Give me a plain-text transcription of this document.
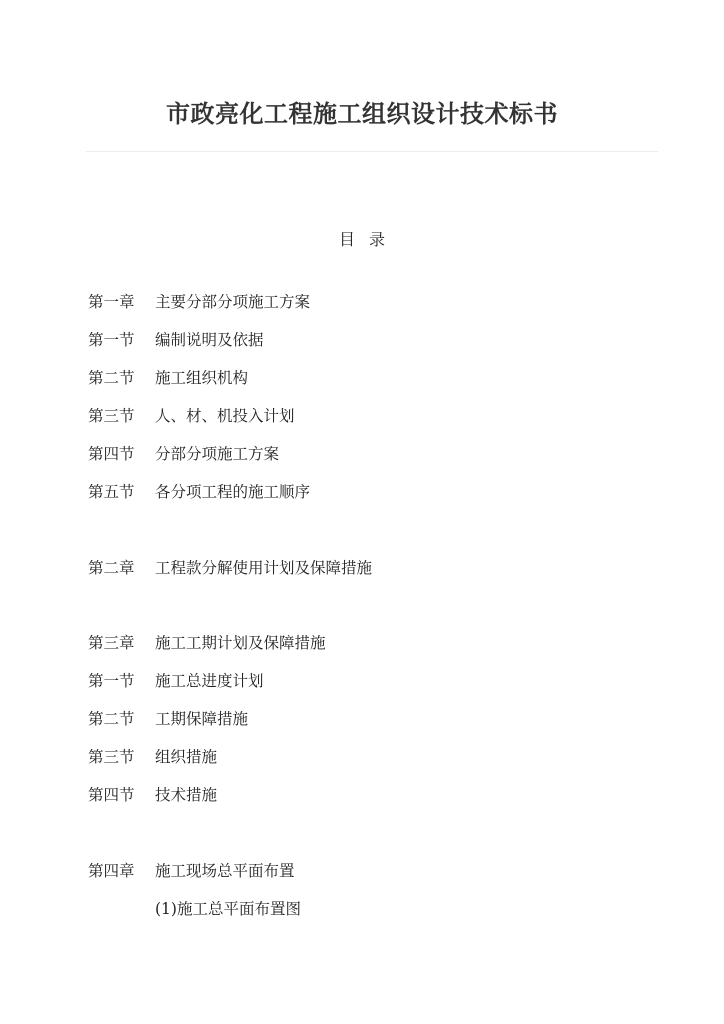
市政亮化工程施工组织设计技术标书
目录
第一章 主要分部分项施工方案
第一节 编制说明及依据
第二节 施工组织机构
第三节 人、材、机投入计划
第四节 分部分项施工方案
第五节 各分项工程的施工顺序
第二章 工程款分解使用计划及保障措施
第三章 施工工期计划及保障措施
第一节 施工总进度计划
第二节 工期保障措施
第三节 组织措施
第四节 技术措施
第四章 施工现场总平面布置
(1)施工总平面布置图
